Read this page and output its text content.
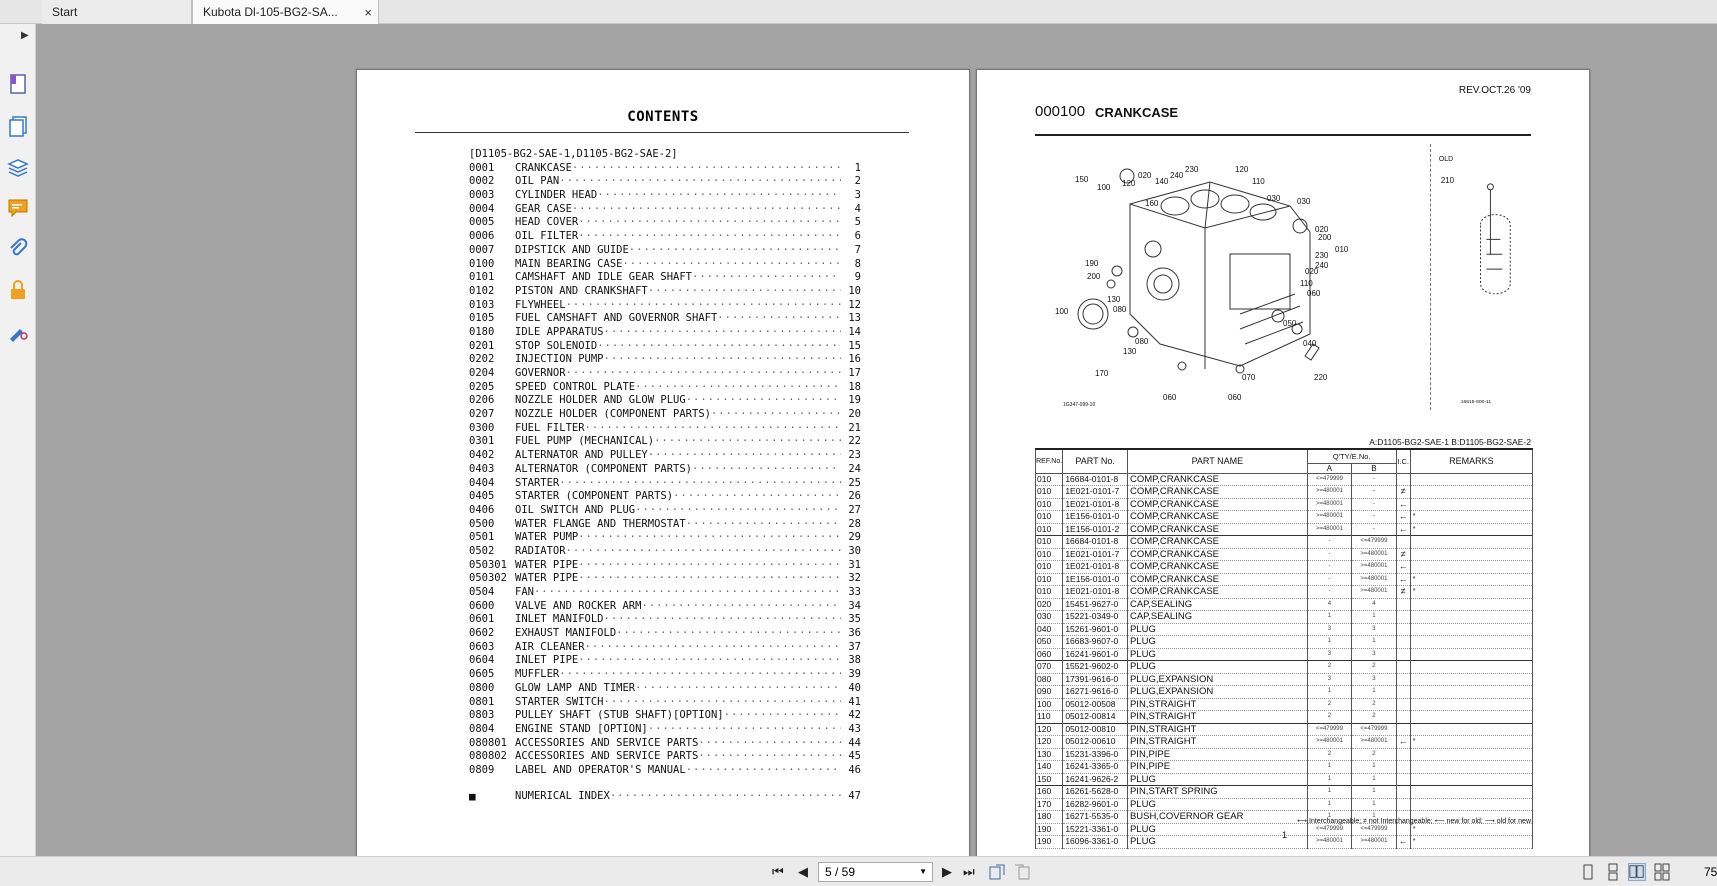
Start	Kubota Dl-105-BG2-SA... ×
▶
CONTENTS
[D1105-BG2-SAE-1,D1105-BG2-SAE-2]
0001	CRANKCASE ·····	1
0002	OIL PAN ·····	2
0003	CYLINDER HEAD ·····	3
0004	GEAR CASE ·····	4
0005	HEAD COVER ·····	5
0006	OIL FILTER ·····	6
0007	DIPSTICK AND GUIDE ·····	7
0100	MAIN BEARING CASE ·····	8
0101	CAMSHAFT AND IDLE GEAR SHAFT ·····	9
0102	PISTON AND CRANKSHAFT ·····	10
0103	FLYWHEEL ·····	12
0105	FUEL CAMSHAFT AND GOVERNOR SHAFT ·····	13
0180	IDLE APPARATUS ·····	14
0201	STOP SOLENOID ·····	15
0202	INJECTION PUMP ·····	16
0204	GOVERNOR ·····	17
0205	SPEED CONTROL PLATE ·····	18
0206	NOZZLE HOLDER AND GLOW PLUG ·····	19
0207	NOZZLE HOLDER (COMPONENT PARTS) ·····	20
0300	FUEL FILTER ·····	21
0301	FUEL PUMP (MECHANICAL) ·····	22
0402	ALTERNATOR AND PULLEY ·····	23
0403	ALTERNATOR (COMPONENT PARTS) ·····	24
0404	STARTER ·····	25
0405	STARTER (COMPONENT PARTS) ·····	26
0406	OIL SWITCH AND PLUG ·····	27
0500	WATER FLANGE AND THERMOSTAT ·····	28
0501	WATER PUMP ·····	29
0502	RADIATOR ·····	30
050301 WATER PIPE ·····	31
050302 WATER PIPE ·····	32
0504	FAN ·····	33
0600	VALVE AND ROCKER ARM ·····	34
0601	INLET MANIFOLD ·····	35
0602	EXHAUST MANIFOLD ·····	36
0603	AIR CLEANER ·····	37
0604	INLET PIPE ·····	38
0605	MUFFLER ·····	39
0800	GLOW LAMP AND TIMER ·····	40
0801	STARTER SWITCH ·····	41
0803	PULLEY SHAFT (STUB SHAFT)[OPTION] ·····	42
0804	ENGINE STAND [OPTION] ·····	43
080801 ACCESSORIES AND SERVICE PARTS ·····	44
080802 ACCESSORIES AND SERVICE PARTS ·····	45
0809	LABEL AND OPERATOR'S MANUAL ·····	46
■	NUMERICAL INDEX ·····	47
REV.OCT.26 '09
000100 CRANKCASE
150
100 120
020
140
240
230	120
110
030 030
160
020
200
010
230
240
190
200
020
110
060
100
130
080
080
130
050
040
170	070	220
060	060
1G347-099-10
OLD
210
16615-800-11
A:D1105-BG2-SAE-1 B:D1105-BG2-SAE-2
REF.No.	PART No.	PART NAME	Q'TY/E.No.		I.C.	REMARKS
			A	B		
010	16684-0101-8	COMP,CRANKCASE	<=479999	-		
010	1E021-0101-7	COMP,CRANKCASE	>=480001	-	≠	
010	1E021-0101-8	COMP,CRANKCASE	>=480001	-	←	
010	1E156-0101-0	COMP,CRANKCASE	>=480001	-	←	*
010	1E156-0101-2	COMP,CRANKCASE	>=480001	-	←	*
010	16684-0101-8	COMP,CRANKCASE	-	<=479999		
010	1E021-0101-7	COMP,CRANKCASE	-	>=480001	≠	
010	1E021-0101-8	COMP,CRANKCASE	-	>=480001	←	
010	1E156-0101-0	COMP,CRANKCASE	-	>=480001	←	*
010	1E021-0101-8	COMP,CRANKCASE	-	>=480001	≠	*
020	15451-9627-0	CAP,SEALING	4	4		
030	15221-0349-0	CAP,SEALING	1	1		
040	15261-9601-0	PLUG	3	3		
050	16683-9607-0	PLUG	1	1		
060	16241-9601-0	PLUG	3	3		
070	15521-9602-0	PLUG	2	2		
080	17391-9616-0	PLUG,EXPANSION	3	3		
090	16271-9616-0	PLUG,EXPANSION	1	1		
100	05012-00508	PIN,STRAIGHT	2	2		
110	05012-00814	PIN,STRAIGHT	2	2		
120	05012-00810	PIN,STRAIGHT	<=479999	<=479999		
120	05012-00610	PIN,STRAIGHT	>=480001	>=480001	←	*
130	15231-3396-0	PIN,PIPE	2	2		
140	16241-3365-0	PIN,PIPE	1	1		
150	16241-9626-2	PLUG	1	1		
160	16261-5628-0	PIN,START SPRING	1	1		
170	16282-9601-0	PLUG	1	1		
180	16271-5535-0	BUSH,COVERNOR GEAR	1	1		
190	15221-3361-0	PLUG	<=479999	<=479999		*
190	16096-3361-0	PLUG	>=480001	>=480001	←	*
⟷ Interchangeable; ≠ not Interchangeable; ⟵ new for old; ⟶ old for new
1
⏮ ◀	5 / 59	▼ ▶ ⏭	75
